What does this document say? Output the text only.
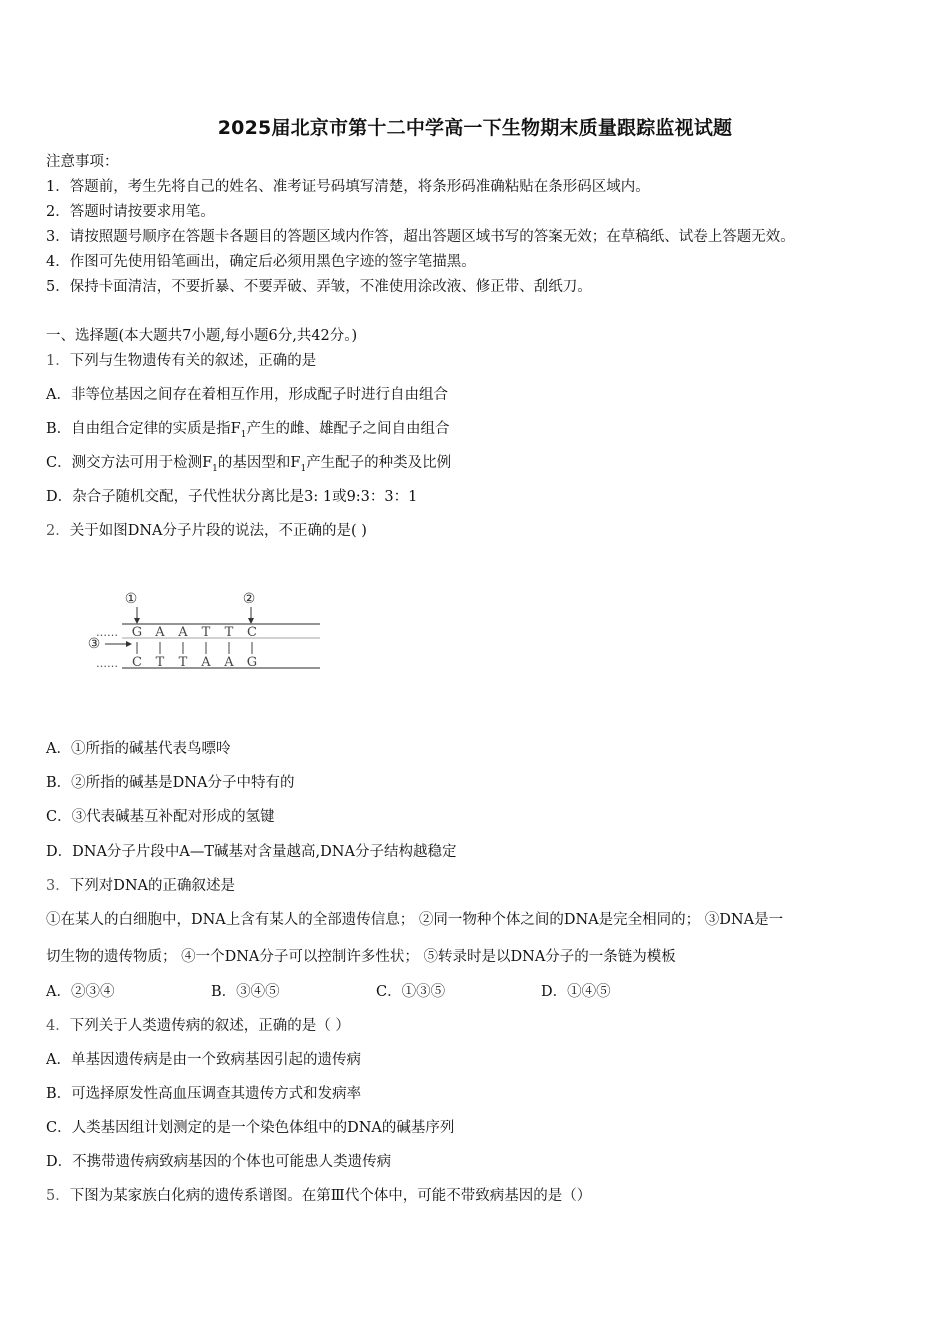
2025届北京市第十二中学高一下生物期末质量跟踪监视试题
注意事项：
1．答题前，考生先将自己的姓名、准考证号码填写清楚，将条形码准确粘贴在条形码区域内。
2．答题时请按要求用笔。
3．请按照题号顺序在答题卡各题目的答题区域内作答，超出答题区域书写的答案无效；在草稿纸、试卷上答题无效。
4．作图可先使用铅笔画出，确定后必须用黑色字迹的签字笔描黑。
5．保持卡面清洁，不要折暴、不要弄破、弄皱，不准使用涂改液、修正带、刮纸刀。
一、选择题(本大题共7小题,每小题6分,共42分。)
1．下列与生物遗传有关的叙述，正确的是
A．非等位基因之间存在着相互作用，形成配子时进行自由组合
B．自由组合定律的实质是指$F_1$产生的雌、雄配子之间自由组合
C．测交方法可用于检测$F_1$的基因型和$F_1$产生配子的种类及比例
D．杂合子随机交配，子代性状分离比是3: 1或9:3：3：1
2．关于如图DNA分子片段的说法，不正确的是( )
①	②
③
……
……
G A A T T C
C T T A A G
A．①所指的碱基代表鸟嘌呤
B．②所指的碱基是DNA分子中特有的
C．③代表碱基互补配对形成的氢键
D．DNA分子片段中A—T碱基对含量越高,DNA分子结构越稳定
3．下列对DNA的正确叙述是
①在某人的白细胞中，DNA上含有某人的全部遗传信息； ②同一物种个体之间的DNA是完全相同的； ③DNA是一
切生物的遗传物质； ④一个DNA分子可以控制许多性状； ⑤转录时是以DNA分子的一条链为模板
A．②③④	B．③④⑤	C．①③⑤	D．①④⑤
4．下列关于人类遗传病的叙述，正确的是（ ）
A．单基因遗传病是由一个致病基因引起的遗传病
B．可选择原发性高血压调查其遗传方式和发病率
C．人类基因组计划测定的是一个染色体组中的DNA的碱基序列
D．不携带遗传病致病基因的个体也可能患人类遗传病
5．下图为某家族白化病的遗传系谱图。在第Ⅲ代个体中，可能不带致病基因的是（）
